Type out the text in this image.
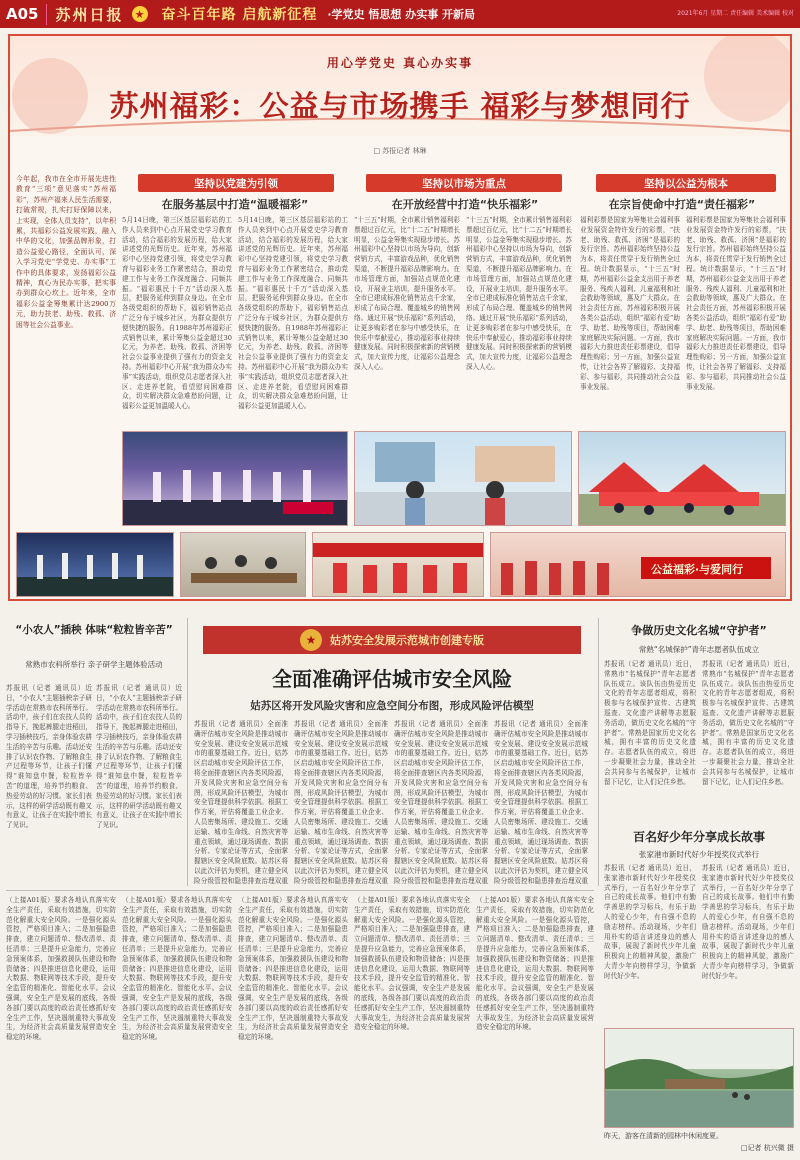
A05	苏州日报	★ 奋斗百年路 启航新征程 ·学党史 悟思想 办实事 开新局	2021年6月 星期二 责任编辑 美术编辑 校对
用心学党史 真心办实事
苏州福彩：公益与市场携手 福彩与梦想同行
□ 苏报记者 林琳
今年起，我市在全市开展先进性教育“三项”意见落实“苏州福彩”，苏州产福来人民生活需要，打破常规，扎实打好保障以来，上实现，全体人员支持“，以年积累，共福彩公益发展实践，融入中华的文化，加强品牌形象，打造公益爱心路径，全面认可，深入学习党史“学党史、办实事”工作中的具体要求，发扬福彩公益精神，真心为民办实事，把实事办到群众心坎上。近年来，全市福彩公益金筹集累计达2900万元，助力扶老、助残、救孤、济困等社会公益事业。
坚持以党建为引领
在服务基层中打造“温暖福彩”
5月14日晚，第三区基层福彩站的工作人员来到中心点开展党史学习教育活动，结合福彩的发展历程，给大家讲述党的光辉历史。近年来，苏州福彩中心坚持党建引领，将党史学习教育与福彩业务工作紧密结合，推动党建工作与业务工作深度融合、同频共振。“福彩惠民十千万”活动深入基层，把服务延伸到群众身边。在全市各级党组织的帮助下，福彩销售站点广泛分布于城乡社区，为群众提供方便快捷的服务。自1988年苏州福彩正式销售以来，累计筹集公益金超过30亿元，为养老、助残、救孤、济困等社会公益事业提供了强有力的资金支持。苏州福彩中心开展“我为群众办实事”实践活动，组织党员志愿者深入社区、走进养老院，看望慰问困难群众，切实解决群众急难愁盼问题，让福彩公益更加温暖人心。
5月14日晚，第三区基层福彩站的工作人员来到中心点开展党史学习教育活动，结合福彩的发展历程，给大家讲述党的光辉历史。近年来，苏州福彩中心坚持党建引领，将党史学习教育与福彩业务工作紧密结合，推动党建工作与业务工作深度融合、同频共振。“福彩惠民十千万”活动深入基层，把服务延伸到群众身边。在全市各级党组织的帮助下，福彩销售站点广泛分布于城乡社区，为群众提供方便快捷的服务。自1988年苏州福彩正式销售以来，累计筹集公益金超过30亿元，为养老、助残、救孤、济困等社会公益事业提供了强有力的资金支持。苏州福彩中心开展“我为群众办实事”实践活动，组织党员志愿者深入社区、走进养老院，看望慰问困难群众，切实解决群众急难愁盼问题，让福彩公益更加温暖人心。
坚持以市场为重点
在开放经营中打造“快乐福彩”
“十三五”时期，全市累计销售福利彩票超过百亿元，比“十二五”时期增长明显，公益金筹集实现稳步增长。苏州福彩中心坚持以市场为导向，创新营销方式，丰富游戏品种，优化销售渠道，不断提升福彩品牌影响力。在市场管理方面，加强站点规范化建设，开展业主培训，提升服务水平。全市已建成标准化销售站点千余家，形成了布局合理、覆盖城乡的销售网络。通过开展“快乐福彩”系列活动，让更多购彩者在参与中感受快乐，在快乐中奉献爱心，推动福彩事业持续健康发展。同时积极探索新的营销模式，加大宣传力度，让福彩公益理念深入人心。
“十三五”时期，全市累计销售福利彩票超过百亿元，比“十二五”时期增长明显，公益金筹集实现稳步增长。苏州福彩中心坚持以市场为导向，创新营销方式，丰富游戏品种，优化销售渠道，不断提升福彩品牌影响力。在市场管理方面，加强站点规范化建设，开展业主培训，提升服务水平。全市已建成标准化销售站点千余家，形成了布局合理、覆盖城乡的销售网络。通过开展“快乐福彩”系列活动，让更多购彩者在参与中感受快乐，在快乐中奉献爱心，推动福彩事业持续健康发展。同时积极探索新的营销模式，加大宣传力度，让福彩公益理念深入人心。
坚持以公益为根本
在宗旨使命中打造“责任福彩”
福利彩票是国家为筹集社会福利事业发展资金特许发行的彩票，“扶老、助残、救孤、济困”是福彩的发行宗旨。苏州福彩始终坚持公益为本，将责任贯穿于发行销售全过程。统计数据显示，“十三五”时期，苏州福彩公益金支出用于养老服务、残疾人福利、儿童福利和社会救助等领域，惠及广大群众。在社会责任方面，苏州福彩积极开展各类公益活动，组织“福彩有爱”助学、助老、助残等项目，帮助困难家庭解决实际问题。一方面，我市福彩大力推进责任彩票建设，倡导理性购彩；另一方面，加强公益宣传，让社会各界了解福彩、支持福彩、参与福彩，共同推动社会公益事业发展。
福利彩票是国家为筹集社会福利事业发展资金特许发行的彩票，“扶老、助残、救孤、济困”是福彩的发行宗旨。苏州福彩始终坚持公益为本，将责任贯穿于发行销售全过程。统计数据显示，“十三五”时期，苏州福彩公益金支出用于养老服务、残疾人福利、儿童福利和社会救助等领域，惠及广大群众。在社会责任方面，苏州福彩积极开展各类公益活动，组织“福彩有爱”助学、助老、助残等项目，帮助困难家庭解决实际问题。一方面，我市福彩大力推进责任彩票建设，倡导理性购彩；另一方面，加强公益宣传，让社会各界了解福彩、支持福彩、参与福彩，共同推动社会公益事业发展。
公益福彩·与爱同行
“小农人”插秧 体味“粒粒皆辛苦”
常熟市农科所举行 亲子研学主题体验活动
苏报讯（记者 通讯员）近日，“小农人”主题插秧亲子研学活动在常熟市农科所举行。活动中，孩子们在农技人员的指导下，挽起裤腿走进稻田，学习插秧技巧，亲身体验农耕生活的辛苦与乐趣。活动还安排了认识农作物、了解粮食生产过程等环节，让孩子们懂得“谁知盘中餐，粒粒皆辛苦”的道理，培养节约粮食、热爱劳动的好习惯。家长们表示，这样的研学活动既有趣又有意义，让孩子在实践中增长了见识。
苏报讯（记者 通讯员）近日，“小农人”主题插秧亲子研学活动在常熟市农科所举行。活动中，孩子们在农技人员的指导下，挽起裤腿走进稻田，学习插秧技巧，亲身体验农耕生活的辛苦与乐趣。活动还安排了认识农作物、了解粮食生产过程等环节，让孩子们懂得“谁知盘中餐，粒粒皆辛苦”的道理，培养节约粮食、热爱劳动的好习惯。家长们表示，这样的研学活动既有趣又有意义，让孩子在实践中增长了见识。
★	姑苏安全发展示范城市创建专版
全面准确评估城市安全风险
姑苏区将开发风险灾害和应急空间分布图，形成风险评估模型
苏报讯（记者 通讯员）全面准确评估城市安全风险是推动城市安全发展、建设安全发展示范城市的重要基础工作。近日，姑苏区启动城市安全风险评估工作，将全面排查辖区内各类风险源，开发风险灾害和应急空间分布图，形成风险评估模型，为城市安全管理提供科学依据。根据工作方案，评估将覆盖工业企业、人员密集场所、建设施工、交通运输、城市生命线、自然灾害等重点领域，通过现场调查、数据分析、专家论证等方式，全面掌握辖区安全风险底数。姑苏区将以此次评估为契机，建立健全风险分级管控和隐患排查治理双重
苏报讯（记者 通讯员）全面准确评估城市安全风险是推动城市安全发展、建设安全发展示范城市的重要基础工作。近日，姑苏区启动城市安全风险评估工作，将全面排查辖区内各类风险源，开发风险灾害和应急空间分布图，形成风险评估模型，为城市安全管理提供科学依据。根据工作方案，评估将覆盖工业企业、人员密集场所、建设施工、交通运输、城市生命线、自然灾害等重点领域，通过现场调查、数据分析、专家论证等方式，全面掌握辖区安全风险底数。姑苏区将以此次评估为契机，建立健全风险分级管控和隐患排查治理双重
苏报讯（记者 通讯员）全面准确评估城市安全风险是推动城市安全发展、建设安全发展示范城市的重要基础工作。近日，姑苏区启动城市安全风险评估工作，将全面排查辖区内各类风险源，开发风险灾害和应急空间分布图，形成风险评估模型，为城市安全管理提供科学依据。根据工作方案，评估将覆盖工业企业、人员密集场所、建设施工、交通运输、城市生命线、自然灾害等重点领域，通过现场调查、数据分析、专家论证等方式，全面掌握辖区安全风险底数。姑苏区将以此次评估为契机，建立健全风险分级管控和隐患排查治理双重
苏报讯（记者 通讯员）全面准确评估城市安全风险是推动城市安全发展、建设安全发展示范城市的重要基础工作。近日，姑苏区启动城市安全风险评估工作，将全面排查辖区内各类风险源，开发风险灾害和应急空间分布图，形成风险评估模型，为城市安全管理提供科学依据。根据工作方案，评估将覆盖工业企业、人员密集场所、建设施工、交通运输、城市生命线、自然灾害等重点领域，通过现场调查、数据分析、专家论证等方式，全面掌握辖区安全风险底数。姑苏区将以此次评估为契机，建立健全风险分级管控和隐患排查治理双重
争做历史文化名城“守护者”
常熟“名城保护”青年志愿者队伍成立
苏报讯（记者 通讯员）近日，常熟市“名城保护”青年志愿者队伍成立。该队伍由热爱历史文化的青年志愿者组成，将积极参与名城保护宣传、古建筑巡查、文化遗产讲解等志愿服务活动，做历史文化名城的“守护者”。常熟是国家历史文化名城，拥有丰富的历史文化遗存。志愿者队伍的成立，将进一步凝聚社会力量，推动全社会共同参与名城保护，让城市留下记忆，让人们记住乡愁。
苏报讯（记者 通讯员）近日，常熟市“名城保护”青年志愿者队伍成立。该队伍由热爱历史文化的青年志愿者组成，将积极参与名城保护宣传、古建筑巡查、文化遗产讲解等志愿服务活动，做历史文化名城的“守护者”。常熟是国家历史文化名城，拥有丰富的历史文化遗存。志愿者队伍的成立，将进一步凝聚社会力量，推动全社会共同参与名城保护，让城市留下记忆，让人们记住乡愁。
百名好少年分享成长故事
张家港市新时代好少年授奖仪式举行
苏报讯（记者 通讯员）近日，张家港市新时代好少年授奖仪式举行，一百名好少年分享了自己的成长故事。他们中有勤学善思的学习标兵，有乐于助人的爱心少年，有自强不息的励志榜样。活动现场，少年们用朴实的语言讲述身边的感人故事，展现了新时代少年儿童积极向上的精神风貌，激励广大青少年向榜样学习，争做新时代好少年。
苏报讯（记者 通讯员）近日，张家港市新时代好少年授奖仪式举行，一百名好少年分享了自己的成长故事。他们中有勤学善思的学习标兵，有乐于助人的爱心少年，有自强不息的励志榜样。活动现场，少年们用朴实的语言讲述身边的感人故事，展现了新时代少年儿童积极向上的精神风貌，激励广大青少年向榜样学习，争做新时代好少年。
（上接A01版）要求各地认真落实安全生产责任，采取有效措施，切实防范化解重大安全风险。一是强化源头管控，严格项目准入；二是加强隐患排查，建立问题清单、整改清单、责任清单；三是提升应急能力，完善应急预案体系，加强救援队伍建设和物资储备；四是推进信息化建设，运用大数据、物联网等技术手段，提升安全监管的精准化、智能化水平。会议强调，安全生产是发展的底线，各级各部门要以高度的政治责任感抓好安全生产工作，坚决遏制重特大事故发生，为经济社会高质量发展营造安全稳定的环境。
（上接A01版）要求各地认真落实安全生产责任，采取有效措施，切实防范化解重大安全风险。一是强化源头管控，严格项目准入；二是加强隐患排查，建立问题清单、整改清单、责任清单；三是提升应急能力，完善应急预案体系，加强救援队伍建设和物资储备；四是推进信息化建设，运用大数据、物联网等技术手段，提升安全监管的精准化、智能化水平。会议强调，安全生产是发展的底线，各级各部门要以高度的政治责任感抓好安全生产工作，坚决遏制重特大事故发生，为经济社会高质量发展营造安全稳定的环境。
（上接A01版）要求各地认真落实安全生产责任，采取有效措施，切实防范化解重大安全风险。一是强化源头管控，严格项目准入；二是加强隐患排查，建立问题清单、整改清单、责任清单；三是提升应急能力，完善应急预案体系，加强救援队伍建设和物资储备；四是推进信息化建设，运用大数据、物联网等技术手段，提升安全监管的精准化、智能化水平。会议强调，安全生产是发展的底线，各级各部门要以高度的政治责任感抓好安全生产工作，坚决遏制重特大事故发生，为经济社会高质量发展营造安全稳定的环境。
（上接A01版）要求各地认真落实安全生产责任，采取有效措施，切实防范化解重大安全风险。一是强化源头管控，严格项目准入；二是加强隐患排查，建立问题清单、整改清单、责任清单；三是提升应急能力，完善应急预案体系，加强救援队伍建设和物资储备；四是推进信息化建设，运用大数据、物联网等技术手段，提升安全监管的精准化、智能化水平。会议强调，安全生产是发展的底线，各级各部门要以高度的政治责任感抓好安全生产工作，坚决遏制重特大事故发生，为经济社会高质量发展营造安全稳定的环境。
（上接A01版）要求各地认真落实安全生产责任，采取有效措施，切实防范化解重大安全风险。一是强化源头管控，严格项目准入；二是加强隐患排查，建立问题清单、整改清单、责任清单；三是提升应急能力，完善应急预案体系，加强救援队伍建设和物资储备；四是推进信息化建设，运用大数据、物联网等技术手段，提升安全监管的精准化、智能化水平。会议强调，安全生产是发展的底线，各级各部门要以高度的政治责任感抓好安全生产工作，坚决遏制重特大事故发生，为经济社会高质量发展营造安全稳定的环境。
昨天，游客在清新的园林中休闲度夏。
□记者 杭兴微 摄
